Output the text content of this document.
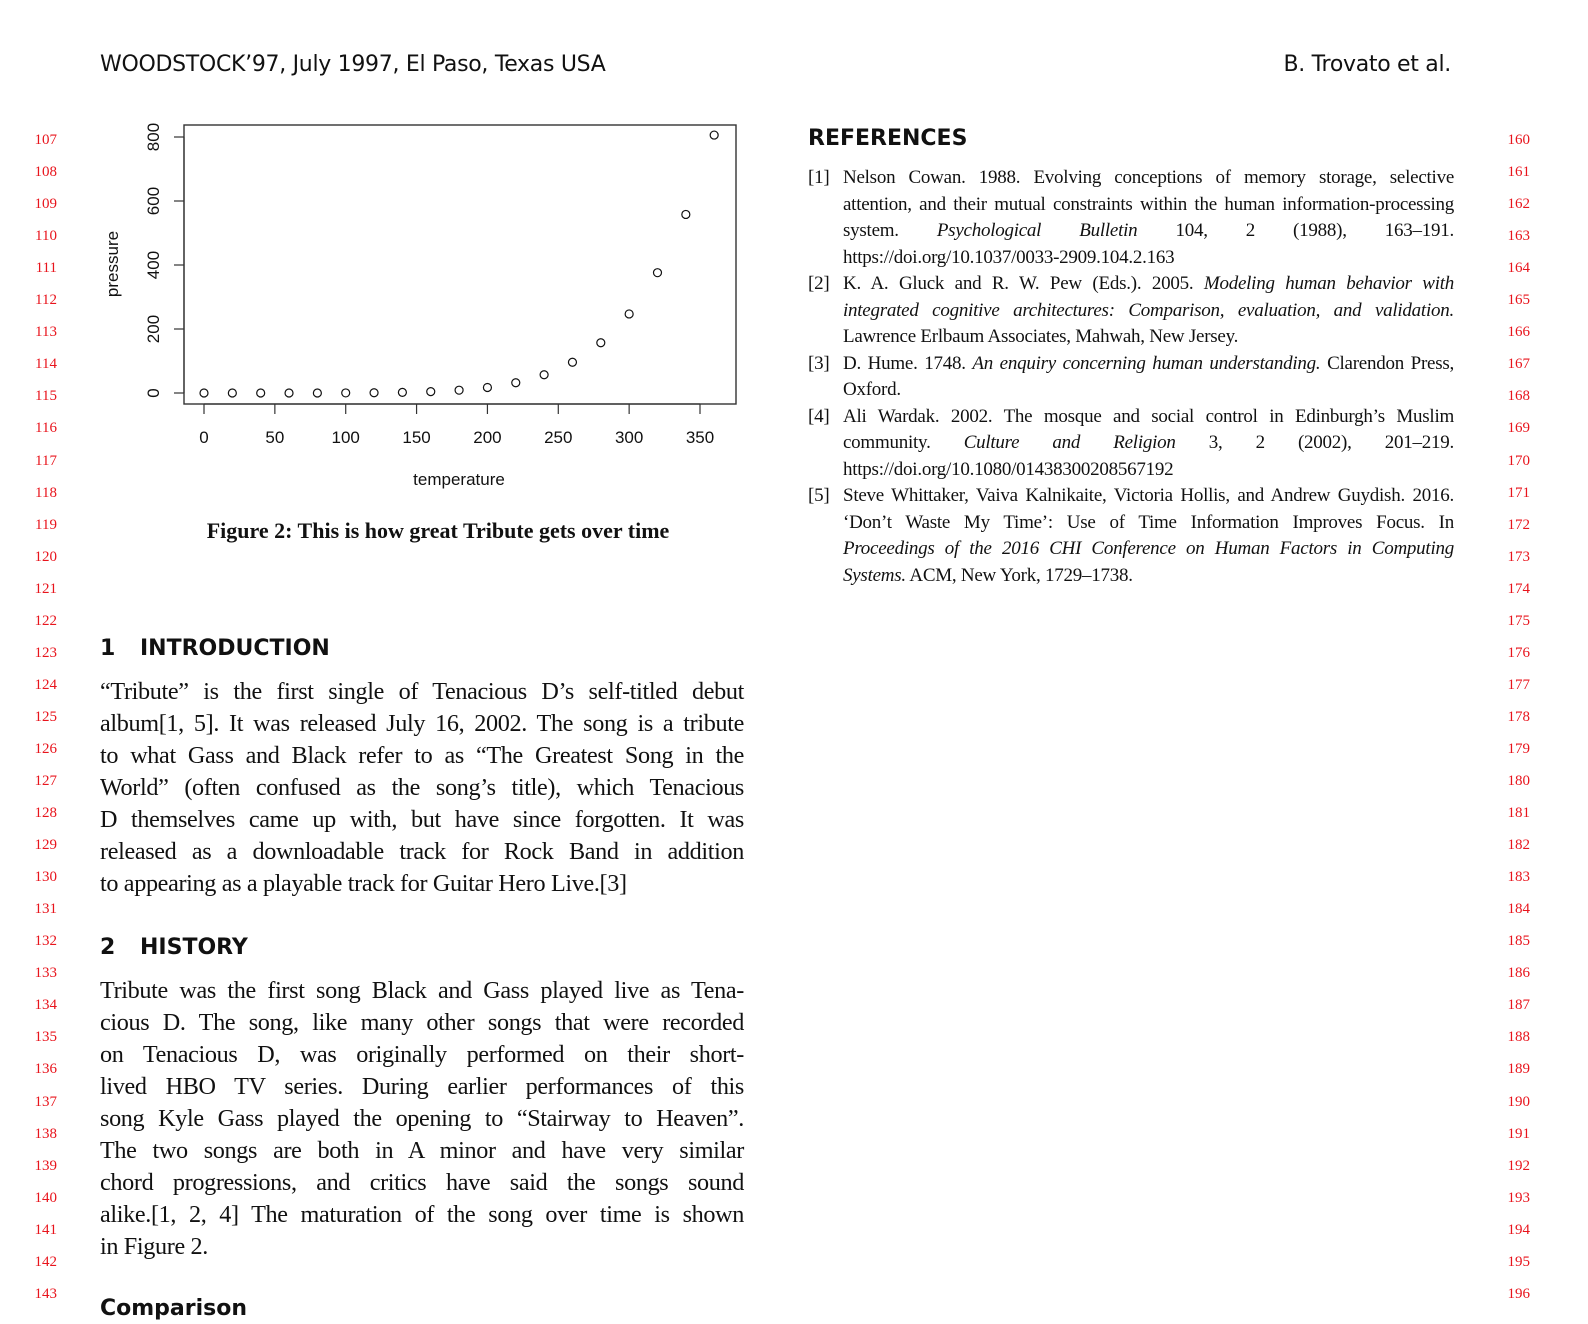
WOODSTOCK’97, July 1997, El Paso, Texas USA	B. Trovato et al.
107
108
109
110
111
112
113
114
115
116
117
118
119
120
121
122
123
124
125
126
127
128
129
130
131
132
133
134
135
136
137
138
139
140
141
142
143
160
161
162
163
164
165
166
167
168
169
170
171
172
173
174
175
176
177
178
179
180
181
182
183
184
185
186
187
188
189
190
191
192
193
194
195
196
0	50	100 150 200 250 300 350
0
200
400
600
800
temperature
pressure
Figure 2: This is how great Tribute gets over time
1 INTRODUCTION
“Tribute” is the first single of Tenacious D’s self-titled debut
album[1, 5]. It was released July 16, 2002. The song is a tribute
to what Gass and Black refer to as “The Greatest Song in the
World” (often confused as the song’s title), which Tenacious
D themselves came up with, but have since forgotten. It was
released as a downloadable track for Rock Band in addition
to appearing as a playable track for Guitar Hero Live.[3]
2 HISTORY
Tribute was the first song Black and Gass played live as Tena-
cious D. The song, like many other songs that were recorded
on Tenacious D, was originally performed on their short-
lived HBO TV series. During earlier performances of this
song Kyle Gass played the opening to “Stairway to Heaven”.
The two songs are both in A minor and have very similar
chord progressions, and critics have said the songs sound
alike.[1, 2, 4] The maturation of the song over time is shown
in Figure 2.
Comparison
REFERENCES
[1] Nelson Cowan. 1988. Evolving conceptions of memory storage, selective attention, and their mutual constraints within the human information-processing system. Psychological Bulletin 104, 2 (1988), 163–191. https://doi.org/10.1037/0033-2909.104.2.163
[2] K. A. Gluck and R. W. Pew (Eds.). 2005. Modeling human behavior with integrated cognitive architectures: Comparison, evaluation, and validation. Lawrence Erlbaum Associates, Mahwah, New Jersey.
[3] D. Hume. 1748. An enquiry concerning human understanding. Clarendon Press, Oxford.
[4] Ali Wardak. 2002. The mosque and social control in Edinburgh’s Muslim community. Culture and Religion 3, 2 (2002), 201–219. https://doi.org/10.1080/01438300208567192
[5] Steve Whittaker, Vaiva Kalnikaite, Victoria Hollis, and Andrew Guydish. 2016. ‘Don’t Waste My Time’: Use of Time Information Improves Focus. In Proceedings of the 2016 CHI Conference on Human Factors in Computing Systems. ACM, New York, 1729–1738.
